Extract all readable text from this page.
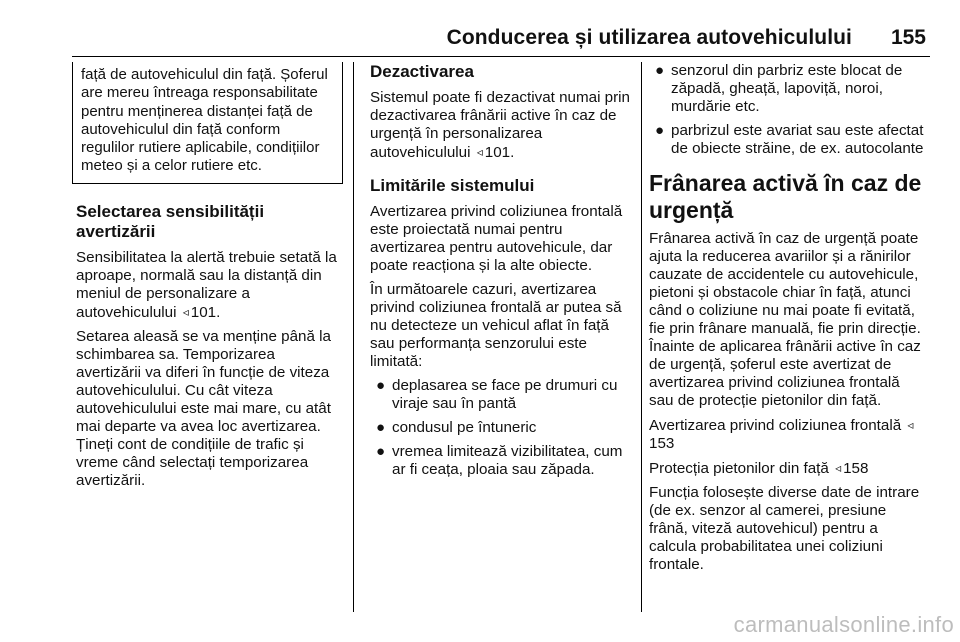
Conducerea și utilizarea autovehiculului 155
față de autovehiculul din față. Șoferul are mereu întreaga responsabilitate pentru menținerea distanței față de autovehiculul din față conform regulilor rutiere aplicabile, condițiilor meteo și a celor rutiere etc.
Selectarea sensibilității avertizării

Sensibilitatea la alertă trebuie setată la aproape, normală sau la distanță din meniul de personalizare a autovehiculului ◃ 101.

Setarea aleasă se va menține până la schimbarea sa. Temporizarea avertizării va diferi în funcție de viteza autovehiculului. Cu cât viteza autovehiculului este mai mare, cu atât mai departe va avea loc avertizarea. Țineți cont de condițiile de trafic și vreme când selectați temporizarea avertizării.

Dezactivarea

Sistemul poate fi dezactivat numai prin dezactivarea frânării active în caz de urgență în personalizarea autovehiculului ◃ 101.

Limitările sistemului

Avertizarea privind coliziunea frontală este proiectată numai pentru avertizarea pentru autovehicule, dar poate reacționa și la alte obiecte.

În următoarele cazuri, avertizarea privind coliziunea frontală ar putea să nu detecteze un vehicul aflat în față sau performanța senzorului este limitată:

● deplasarea se face pe drumuri cu viraje sau în pantă
● condusul pe întuneric
● vremea limitează vizibilitatea, cum ar fi ceața, ploaia sau zăpada.
● senzorul din parbriz este blocat de zăpadă, gheață, lapoviță, noroi, murdărie etc.
● parbrizul este avariat sau este afectat de obiecte străine, de ex. autocolante
Frânarea activă în caz de urgență

Frânarea activă în caz de urgență poate ajuta la reducerea avariilor și a rănirilor cauzate de accidentele cu autovehicule, pietoni și obstacole chiar în față, atunci când o coliziune nu mai poate fi evitată, fie prin frânare manuală, fie prin direcție. Înainte de aplicarea frânării active în caz de urgență, șoferul este avertizat de avertizarea privind coliziunea frontală sau de protecție pietonilor din față.

Avertizarea privind coliziunea frontală ◃153

Protecția pietonilor din față ◃ 158

Funcția folosește diverse date de intrare (de ex. senzor al camerei, presiune frână, viteză autovehicul) pentru a calcula probabilitatea unei coliziuni frontale.

carmanualsonline.info
